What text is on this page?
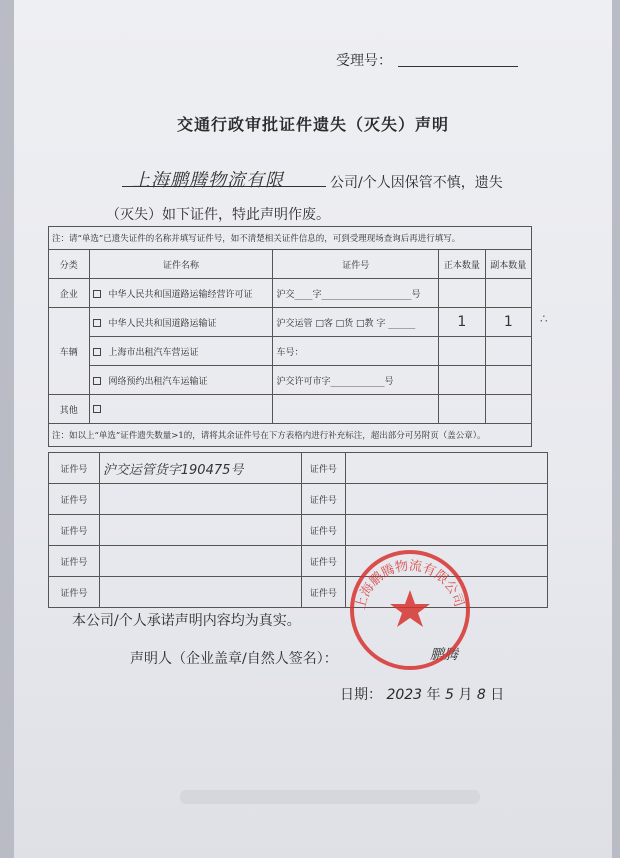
受理号：
交通行政审批证件遗失（灭失）声明
上海鹏腾物流有限	公司/个人因保管不慎，遗失
（灭失）如下证件，特此声明作废。
注：请“单选”已遗失证件的名称并填写证件号，如不清楚相关证件信息的，可到受理现场查询后再进行填写。				
分类	证件名称	证件号	正本数量	副本数量
企业	中华人民共和国道路运输经营许可证	沪交____字____________________号		
车辆	中华人民共和国道路运输证	沪交运管 □客 □货 □教 字 ______	1	1
	上海市出租汽车营运证	车号：		
	网络预约出租汽车运输证	沪交许可市字____________号		
其他				
注：如以上“单选”证件遗失数量>1的，请将其余证件号在下方表格内进行补充标注，超出部分可另附页（盖公章）。				
证件号	沪交运管货字190475号	证件号	
证件号		证件号	
证件号		证件号	
证件号		证件号	
证件号		证件号	
本公司/个人承诺声明内容均为真实。
声明人（企业盖章/自然人签名）：	鹏腾
日期： 2023 年 5 月 8 日
上海鹏腾物流有限公司
∴
